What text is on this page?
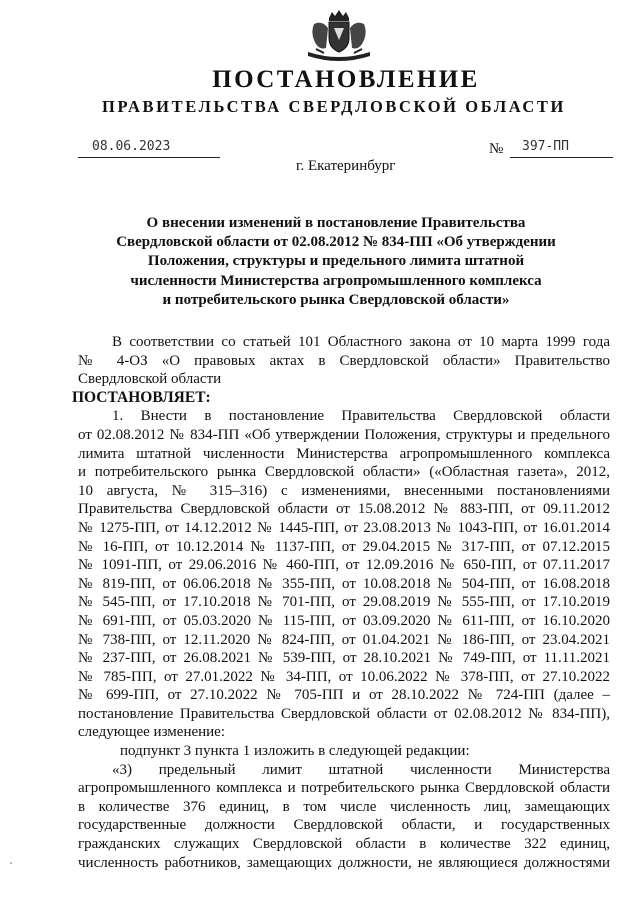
ПОСТАНОВЛЕНИЕ
ПРАВИТЕЛЬСТВА СВЕРДЛОВСКОЙ ОБЛАСТИ
08.06.2023	№ 397-ПП
г. Екатеринбург
О внесении изменений в постановление Правительства
Свердловской области от 02.08.2012 № 834-ПП «Об утверждении
Положения, структуры и предельного лимита штатной
численности Министерства агропромышленного комплекса
и потребительского рынка Свердловской области»
В соответствии со статьей 101 Областного закона от 10 марта 1999 года
№ 4-ОЗ «О правовых актах в Свердловской области» Правительство
Свердловской области
ПОСТАНОВЛЯЕТ:
1. Внести в постановление Правительства Свердловской области
от 02.08.2012 № 834-ПП «Об утверждении Положения, структуры и предельного
лимита штатной численности Министерства агропромышленного комплекса
и потребительского рынка Свердловской области» («Областная газета», 2012,
10 августа, № 315–316) с изменениями, внесенными постановлениями
Правительства Свердловской области от 15.08.2012 № 883-ПП, от 09.11.2012
№ 1275-ПП, от 14.12.2012 № 1445-ПП, от 23.08.2013 № 1043-ПП, от 16.01.2014
№ 16-ПП, от 10.12.2014 № 1137-ПП, от 29.04.2015 № 317-ПП, от 07.12.2015
№ 1091-ПП, от 29.06.2016 № 460-ПП, от 12.09.2016 № 650-ПП, от 07.11.2017
№ 819-ПП, от 06.06.2018 № 355-ПП, от 10.08.2018 № 504-ПП, от 16.08.2018
№ 545-ПП, от 17.10.2018 № 701-ПП, от 29.08.2019 № 555-ПП, от 17.10.2019
№ 691-ПП, от 05.03.2020 № 115-ПП, от 03.09.2020 № 611-ПП, от 16.10.2020
№ 738-ПП, от 12.11.2020 № 824-ПП, от 01.04.2021 № 186-ПП, от 23.04.2021
№ 237-ПП, от 26.08.2021 № 539-ПП, от 28.10.2021 № 749-ПП, от 11.11.2021
№ 785-ПП, от 27.01.2022 № 34-ПП, от 10.06.2022 № 378-ПП, от 27.10.2022
№ 699-ПП, от 27.10.2022 № 705-ПП и от 28.10.2022 № 724-ПП (далее –
постановление Правительства Свердловской области от 02.08.2012 № 834-ПП),
следующее изменение:
подпункт 3 пункта 1 изложить в следующей редакции:
«3) предельный лимит штатной численности Министерства
агропромышленного комплекса и потребительского рынка Свердловской области
в количестве 376 единиц, в том числе численность лиц, замещающих
государственные должности Свердловской области, и государственных
гражданских служащих Свердловской области в количестве 322 единиц,
численность работников, замещающих должности, не являющиеся должностями
